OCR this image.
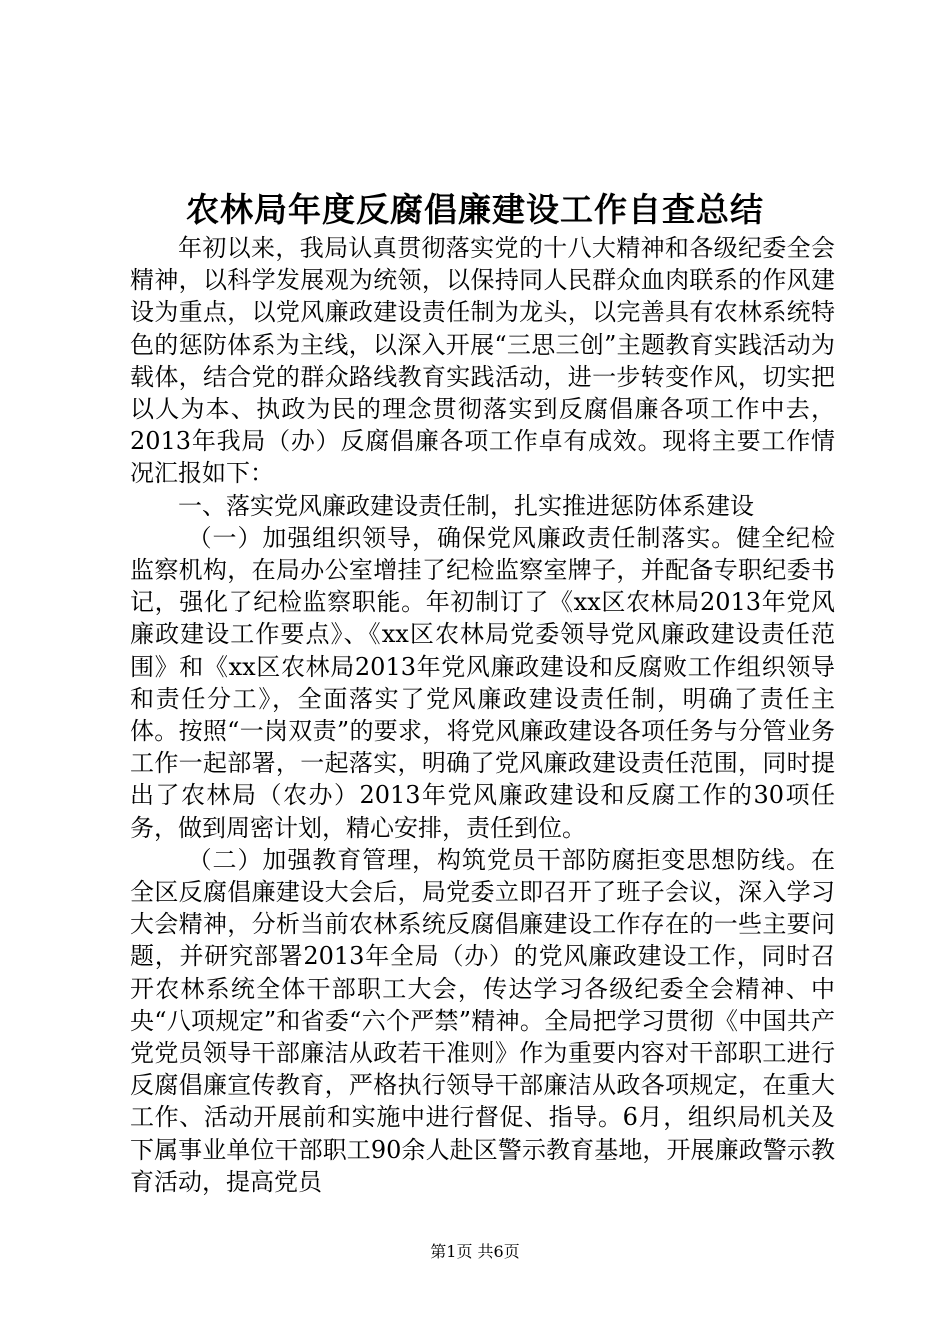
农林局年度反腐倡廉建设工作自查总结

年初以来，我局认真贯彻落实党的十八大精神和各级纪委全会精神，以科学发展观为统领，以保持同人民群众血肉联系的作风建设为重点，以党风廉政建设责任制为龙头，以完善具有农林系统特色的惩防体系为主线，以深入开展“三思三创”主题教育实践活动为载体，结合党的群众路线教育实践活动，进一步转变作风，切实把以人为本、执政为民的理念贯彻落实到反腐倡廉各项工作中去，2013年我局（办）反腐倡廉各项工作卓有成效。现将主要工作情况汇报如下：

一、落实党风廉政建设责任制，扎实推进惩防体系建设

（一）加强组织领导，确保党风廉政责任制落实。健全纪检监察机构，在局办公室增挂了纪检监察室牌子，并配备专职纪委书记，强化了纪检监察职能。年初制订了《xx区农林局2013年党风廉政建设工作要点》、《xx区农林局党委领导党风廉政建设责任范围》和《xx区农林局2013年党风廉政建设和反腐败工作组织领导和责任分工》，全面落实了党风廉政建设责任制，明确了责任主体。按照“一岗双责”的要求，将党风廉政建设各项任务与分管业务工作一起部署，一起落实，明确了党风廉政建设责任范围，同时提出了农林局（农办）2013年党风廉政建设和反腐工作的30项任务，做到周密计划，精心安排，责任到位。

（二）加强教育管理，构筑党员干部防腐拒变思想防线。在全区反腐倡廉建设大会后，局党委立即召开了班子会议，深入学习大会精神，分析当前农林系统反腐倡廉建设工作存在的一些主要问题，并研究部署2013年全局（办）的党风廉政建设工作，同时召开农林系统全体干部职工大会，传达学习各级纪委全会精神、中央“八项规定”和省委“六个严禁”精神。全局把学习贯彻《中国共产党党员领导干部廉洁从政若干准则》作为重要内容对干部职工进行反腐倡廉宣传教育，严格执行领导干部廉洁从政各项规定，在重大工作、活动开展前和实施中进行督促、指导。6月，组织局机关及下属事业单位干部职工90余人赴区警示教育基地，开展廉政警示教育活动，提高党员

第1页 共6页
